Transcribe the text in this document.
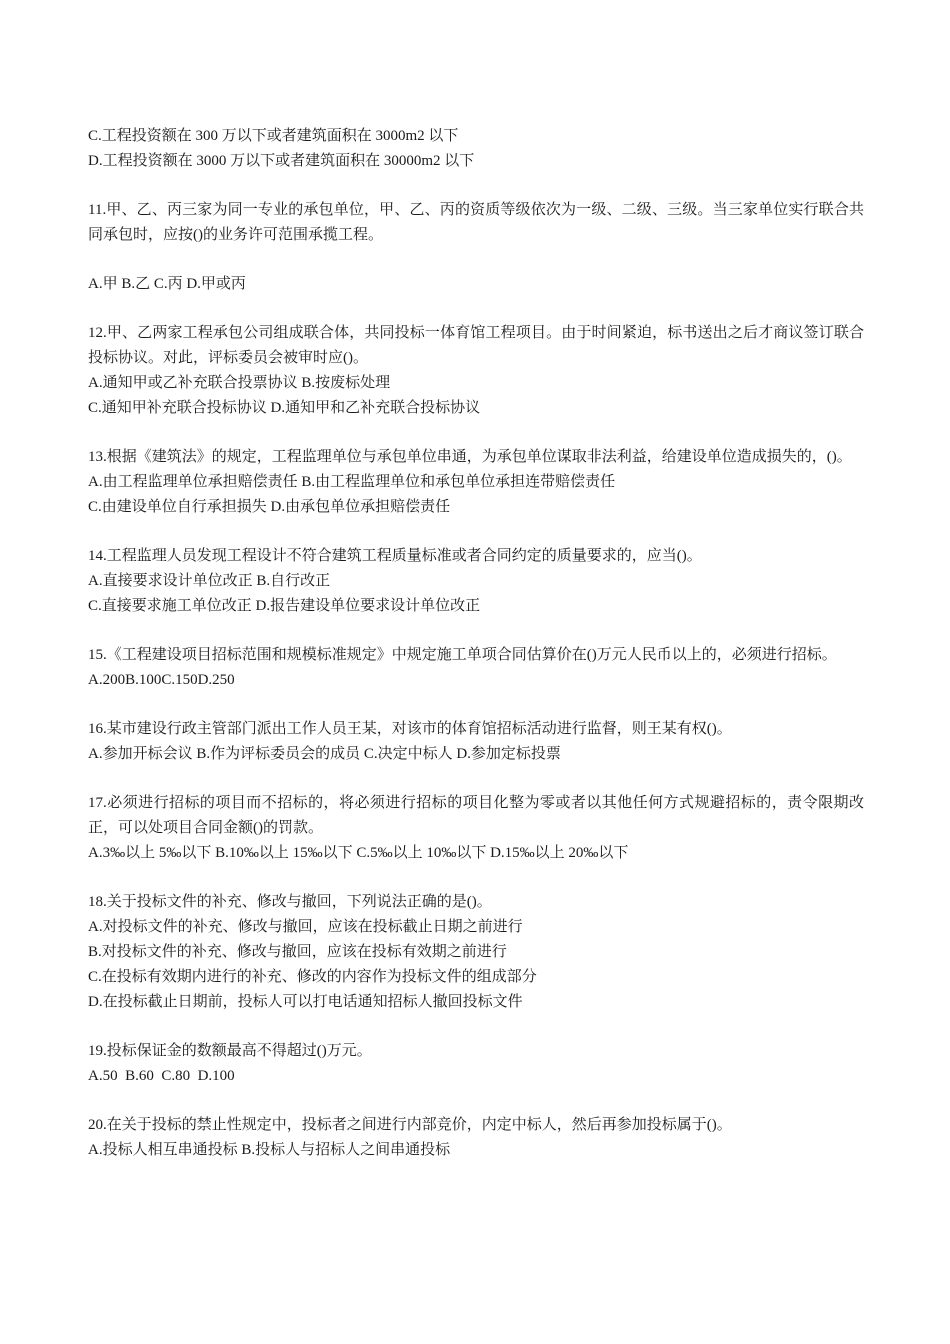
C.工程投资额在 300 万以下或者建筑面积在 3000m2 以下

D.工程投资额在 3000 万以下或者建筑面积在 30000m2 以下

11.甲、乙、丙三家为同一专业的承包单位，甲、乙、丙的资质等级依次为一级、二级、三级。当三家单位实行联合共同承包时，应按()的业务许可范围承揽工程。

A.甲 B.乙 C.丙 D.甲或丙

12.甲、乙两家工程承包公司组成联合体，共同投标一体育馆工程项目。由于时间紧迫，标书送出之后才商议签订联合投标协议。对此，评标委员会被审时应()。

A.通知甲或乙补充联合投票协议 B.按废标处理

C.通知甲补充联合投标协议 D.通知甲和乙补充联合投标协议

13.根据《建筑法》的规定，工程监理单位与承包单位串通，为承包单位谋取非法利益，给建设单位造成损失的，()。

A.由工程监理单位承担赔偿责任 B.由工程监理单位和承包单位承担连带赔偿责任

C.由建设单位自行承担损失 D.由承包单位承担赔偿责任

14.工程监理人员发现工程设计不符合建筑工程质量标准或者合同约定的质量要求的，应当()。

A.直接要求设计单位改正 B.自行改正

C.直接要求施工单位改正 D.报告建设单位要求设计单位改正

15.《工程建设项目招标范围和规模标准规定》中规定施工单项合同估算价在()万元人民币以上的，必须进行招标。

A.200B.100C.150D.250

16.某市建设行政主管部门派出工作人员王某，对该市的体育馆招标活动进行监督，则王某有权()。

A.参加开标会议 B.作为评标委员会的成员 C.决定中标人 D.参加定标投票

17.必须进行招标的项目而不招标的，将必须进行招标的项目化整为零或者以其他任何方式规避招标的，责令限期改正，可以处项目合同金额()的罚款。

A.3‰以上 5‰以下 B.10‰以上 15‰以下 C.5‰以上 10‰以下 D.15‰以上 20‰以下

18.关于投标文件的补充、修改与撤回，下列说法正确的是()。

A.对投标文件的补充、修改与撤回，应该在投标截止日期之前进行

B.对投标文件的补充、修改与撤回，应该在投标有效期之前进行

C.在投标有效期内进行的补充、修改的内容作为投标文件的组成部分

D.在投标截止日期前，投标人可以打电话通知招标人撤回投标文件

19.投标保证金的数额最高不得超过()万元。

A.50  B.60  C.80  D.100

20.在关于投标的禁止性规定中，投标者之间进行内部竞价，内定中标人，然后再参加投标属于()。

A.投标人相互串通投标 B.投标人与招标人之间串通投标
